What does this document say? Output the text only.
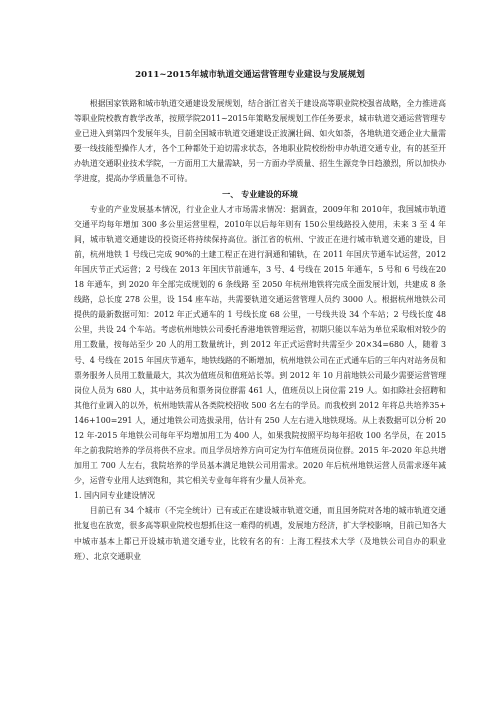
2011~2015年城市轨道交通运营管理专业建设与发展规划

根据国家铁路和城市轨道交通建设发展规划，结合浙江省关于建设高等职业院校强省战略，全力推进高等职业院校教育教学改革，按照学院2011~2015年策略发展规划工作任务要求，城市轨道交通运营管理专业已进入到第四个发展年头，目前全国城市轨道交通建设正波澜壮阔、如火如荼，各地轨道交通企业大量需要一线技能型操作人才，各个工种都处于迫切需求状态，各地职业院校纷纷申办轨道交通专业，有的甚至开办轨道交通职业技术学院，一方面用工大量需缺，另一方面办学质量、招生生源竞争日趋激烈，所以加快办学进度，提高办学质量急不可待。

一、 专业建设的环境

专业的产业发展基本情况，行业企业人才市场需求情况：据调查，2009年和 2010年，我国城市轨道交通平均每年增加 300 多公里运营里程，2010年以后每年则有 150公里线路投入使用，未来 3 至 4 年间，城市轨道交通建设的投资还将持续保持高位。浙江省的杭州、宁波正在进行城市轨道交通的建设，目前，杭州地铁 1 号线已完成 90%的土建工程正在进行洞通和铺轨，在 2011 年国庆节通车试运营，2012 年国庆节正式运营；2 号线在 2013 年国庆节前通车，3 号、4 号线在 2015 年通车，5 号和 6 号线在2018 年通车，到 2020 年全部完成规划的 6 条线路 至 2050 年杭州地铁将完成全面发展计划，共建成 8 条线路，总长度 278 公里，设 154 座车站，共需要轨道交通运营管理人员约 3000 人。根据杭州地铁公司提供的最新数据可知：2012 年正式通车的 1 号线长度 68 公里，一号线共设 34 个车站；2 号线长度 48 公里，共设 24 个车站。考虑杭州地铁公司委托香港地铁管理运营，初期只能以车站为单位采取相对较少的用工数量，按每站至少 20 人的用工数量统计，到 2012 年正式运营时共需至少 20×34=680 人，随着 3 号、4 号线在 2015 年国庆节通车，地铁线路的不断增加，杭州地铁公司在正式通车后的三年内对站务员和票务服务人员用工数量最大，其次为值班员和值班站长等。到 2012 年 10 月前地铁公司最少需要运营管理岗位人员为 680 人，其中站务员和票务岗位群需 461 人，值班员以上岗位需 219 人。如扣除社会招聘和其他行业调入的以外，杭州地铁需从各类院校招收 500 名左右的学员。而我校到 2012 年将总共培养35+146+100=291 人，通过地铁公司选拔录用，估计有 250 人左右进入地铁现场。从上表数据可以分析 2012 年-2015 年地铁公司每年平均增加用工为 400 人，如果我院按照平均每年招收 100 名学员，在 2015 年之前我院培养的学员将供不应求。而且学员培养方向可定为行车值班员岗位群。2015 年-2020 年总共增加用工 700 人左右，我院培养的学员基本满足地铁公司用需求。2020 年后杭州地铁运营人员需求逐年减少，运营专业用人达到饱和，其它相关专业每年将有少量人员补充。

1. 国内同专业建设情况

目前已有 34 个城市（不完全统计）已有或正在建设城市轨道交通，而且国务院对各地的城市轨道交通批复也在放宽，很多高等职业院校也想抓住这一难得的机遇，发展地方经济，扩大学校影响，目前已知各大中城市基本上都已开设城市轨道交通专业，比较有名的有：上海工程技术大学（及地铁公司自办的职业班）、北京交通职业
